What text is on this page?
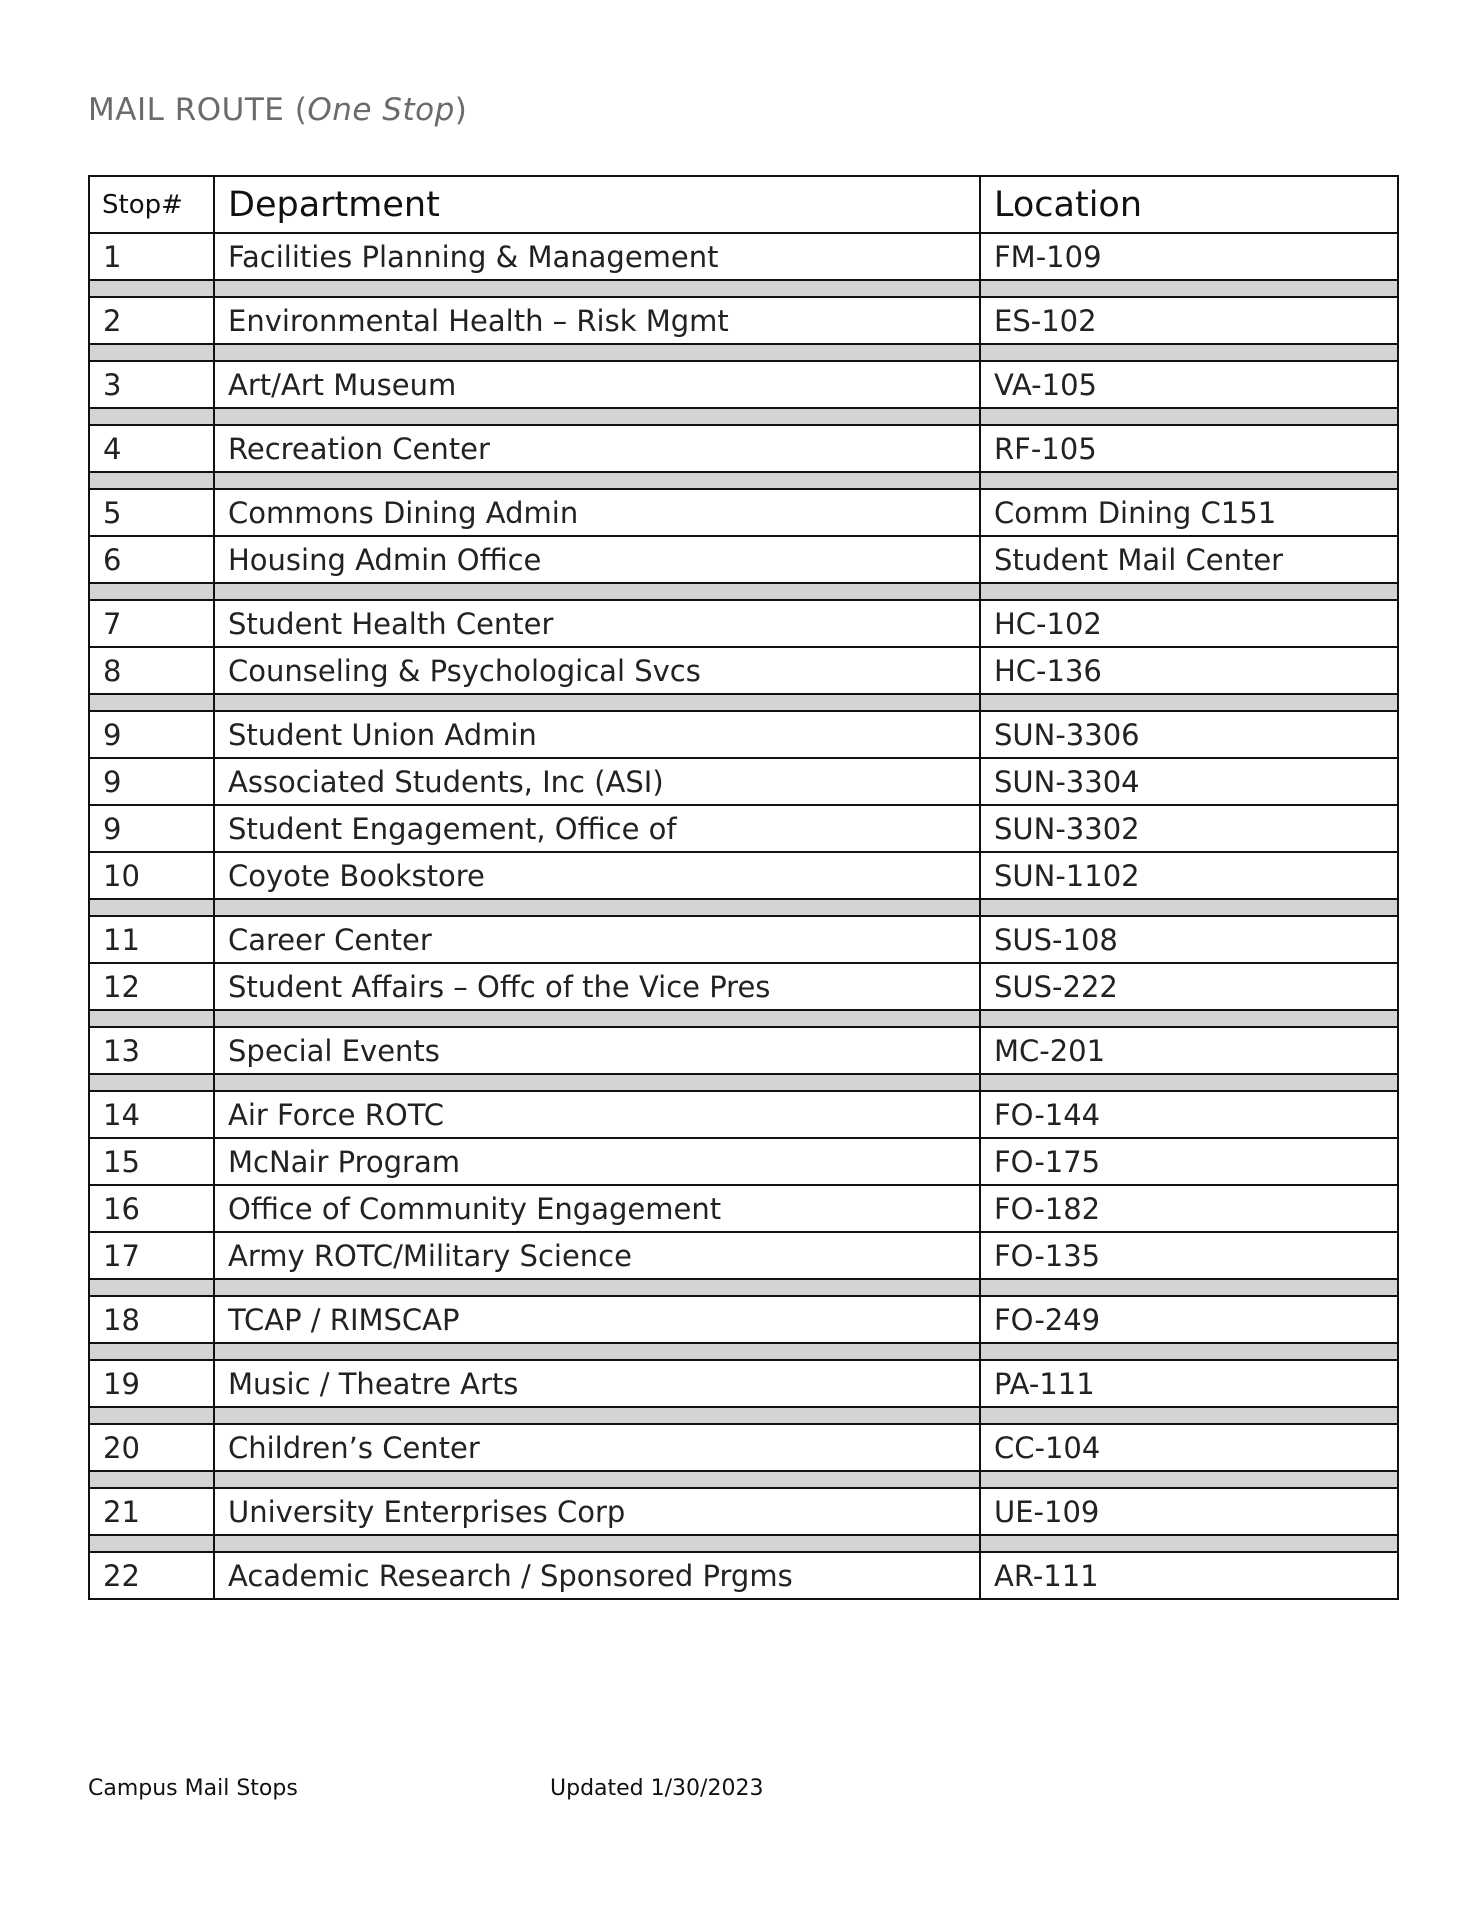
MAIL ROUTE (One Stop)
Stop#	Department	Location
1	Facilities Planning & Management	FM-109

2	Environmental Health – Risk Mgmt	ES-102

3	Art/Art Museum	VA-105

4	Recreation Center	RF-105

5	Commons Dining Admin	Comm Dining C151
6	Housing Admin Office	Student Mail Center

7	Student Health Center	HC-102
8	Counseling & Psychological Svcs	HC-136

9	Student Union Admin	SUN-3306
9	Associated Students, Inc (ASI)	SUN-3304
9	Student Engagement, Office of	SUN-3302
10	Coyote Bookstore	SUN-1102

11	Career Center	SUS-108
12	Student Affairs – Offc of the Vice Pres	SUS-222

13	Special Events	MC-201

14	Air Force ROTC	FO-144
15	McNair Program	FO-175
16	Office of Community Engagement	FO-182
17	Army ROTC/Military Science	FO-135

18	TCAP / RIMSCAP	FO-249

19	Music / Theatre Arts	PA-111

20	Children’s Center	CC-104

21	University Enterprises Corp	UE-109

22	Academic Research / Sponsored Prgms	AR-111
Campus Mail Stops	Updated 1/30/2023
